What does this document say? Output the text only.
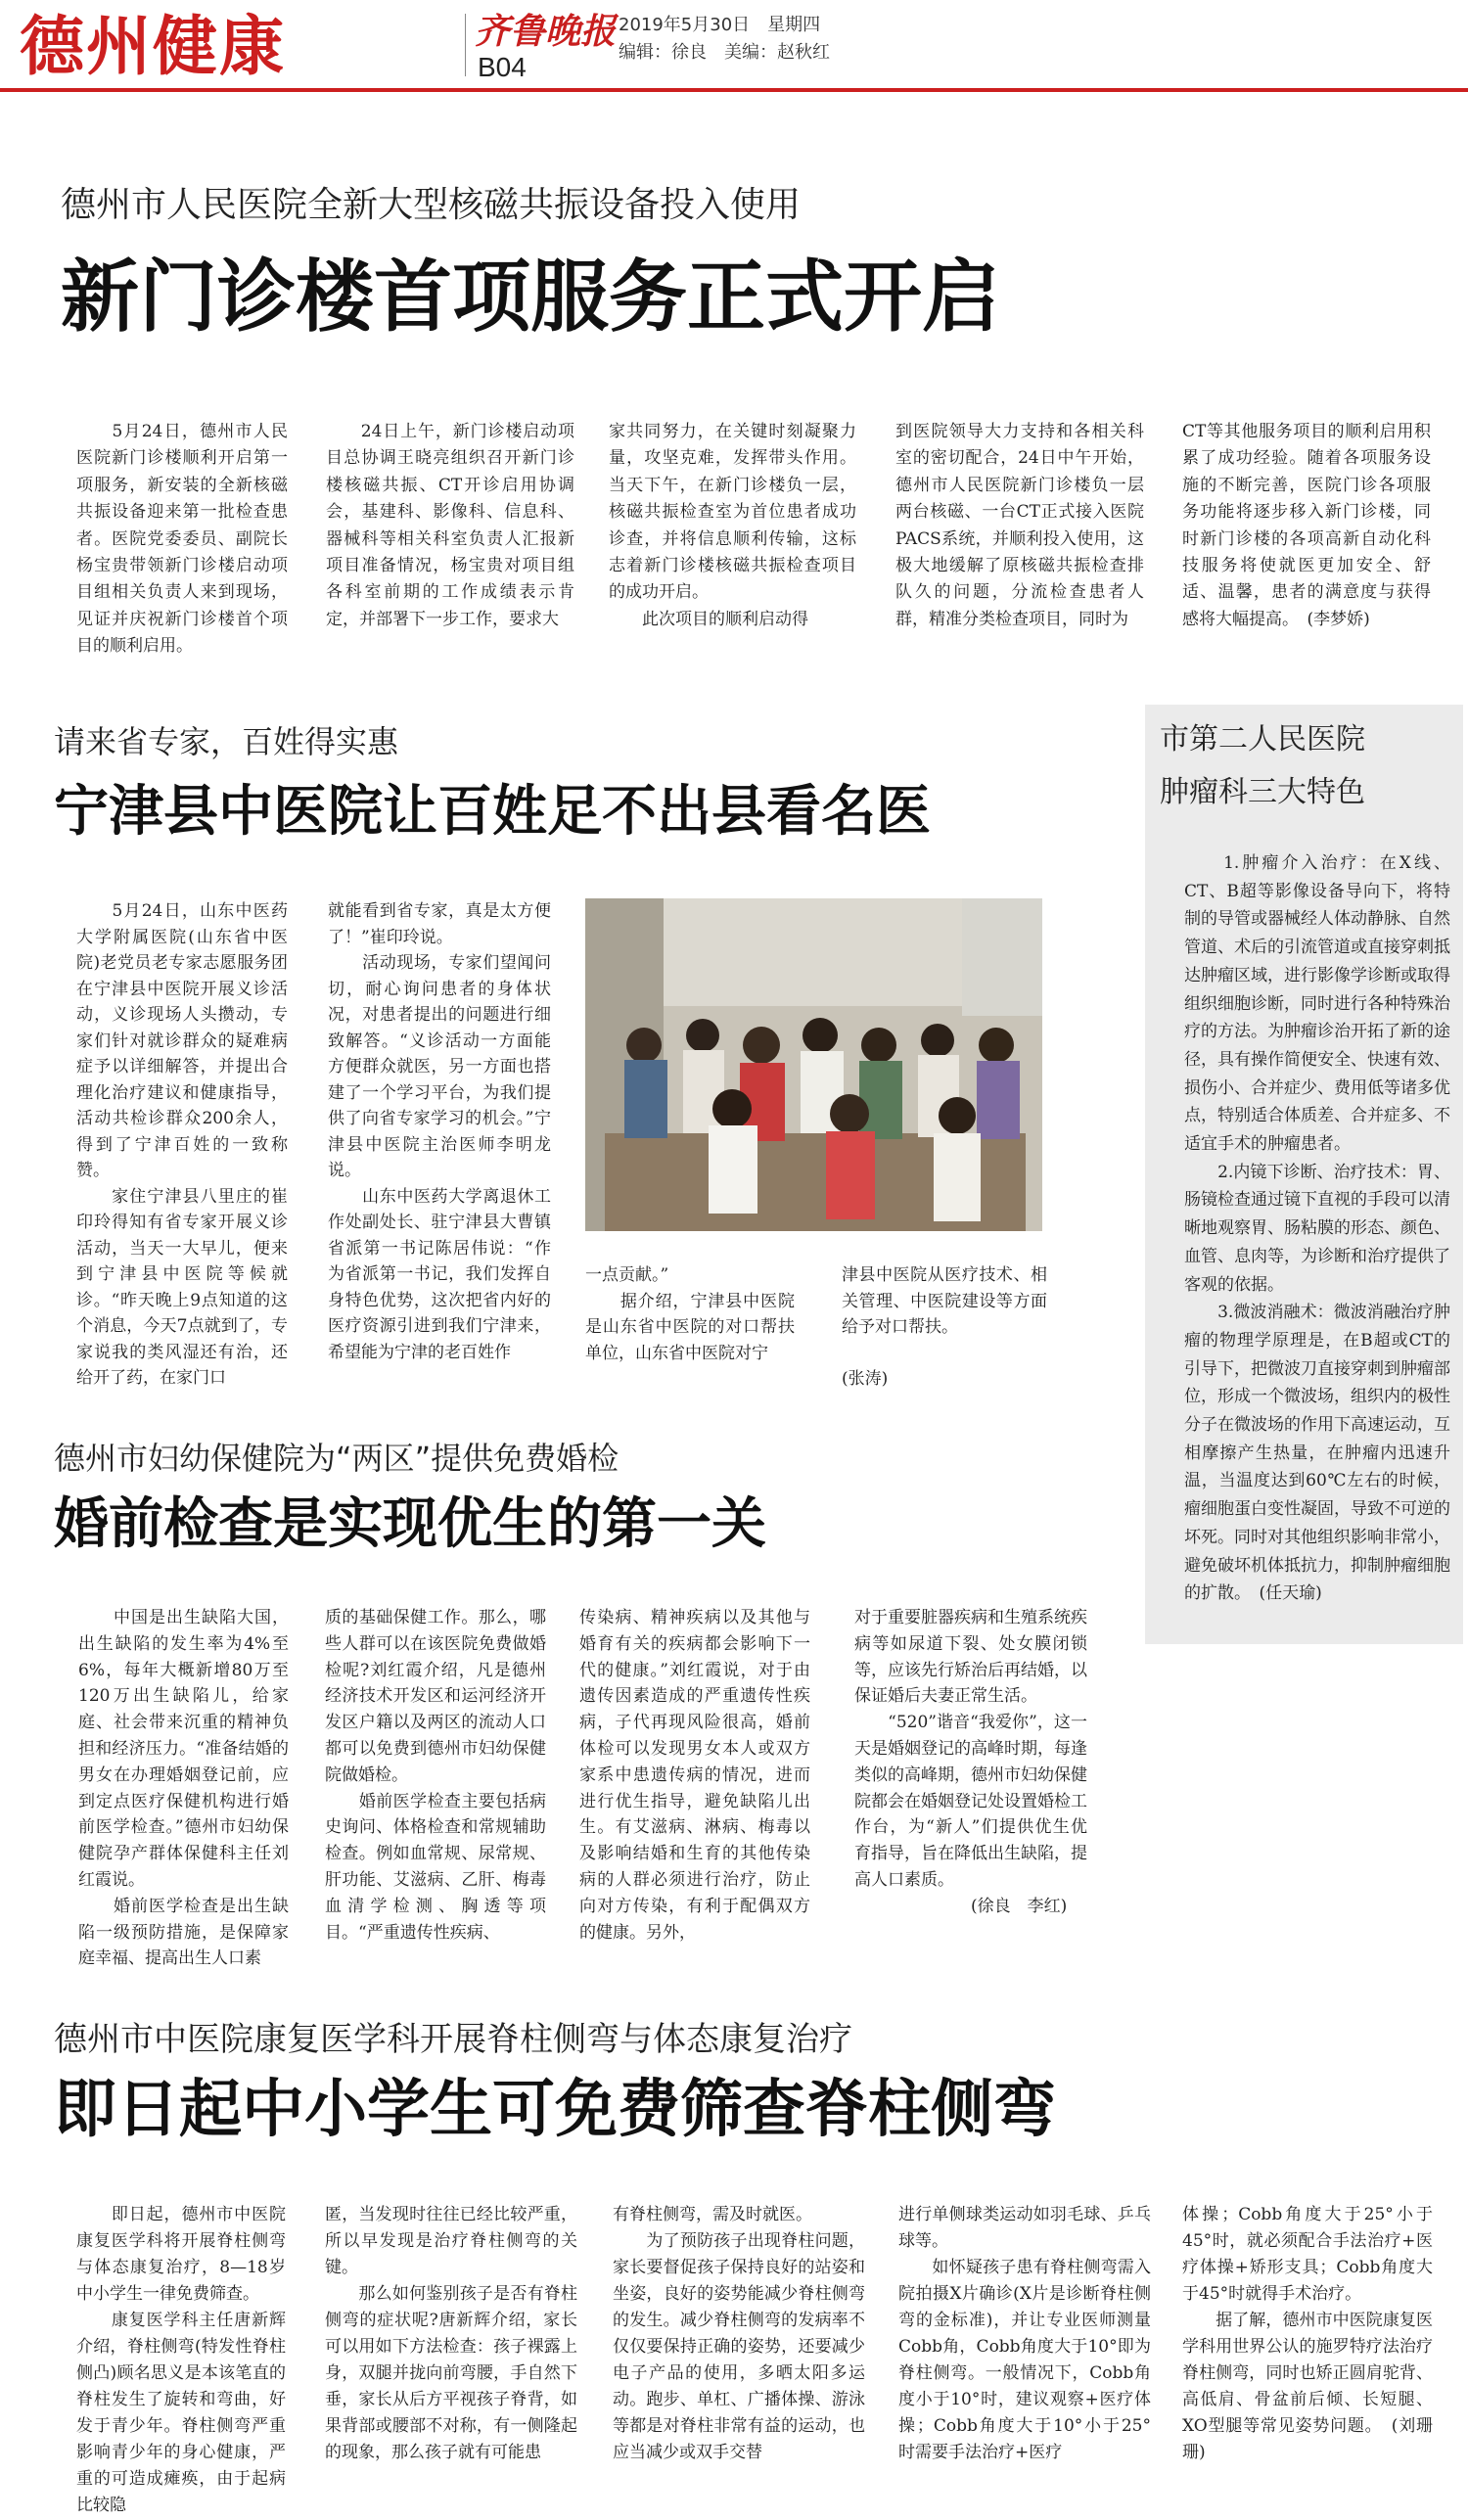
德州健康	齐鲁晚报
B04
2019年5月30日　星期四
编辑：徐良　美编：赵秋红
德州市人民医院全新大型核磁共振设备投入使用
新门诊楼首项服务正式开启
　　5月24日，德州市人民医院新门诊楼顺利开启第一项服务，新安装的全新核磁共振设备迎来第一批检查患者。医院党委委员、副院长杨宝贵带领新门诊楼启动项目组相关负责人来到现场，见证并庆祝新门诊楼首个项目的顺利启用。
　　24日上午，新门诊楼启动项目总协调王晓亮组织召开新门诊楼核磁共振、CT开诊启用协调会，基建科、影像科、信息科、器械科等相关科室负责人汇报新项目准备情况，杨宝贵对项目组各科室前期的工作成绩表示肯定，并部署下一步工作，要求大
家共同努力，在关键时刻凝聚力量，攻坚克难，发挥带头作用。当天下午，在新门诊楼负一层，核磁共振检查室为首位患者成功诊查，并将信息顺利传输，这标志着新门诊楼核磁共振检查项目的成功开启。
　　此次项目的顺利启动得
到医院领导大力支持和各相关科室的密切配合，24日中午开始，德州市人民医院新门诊楼负一层两台核磁、一台CT正式接入医院PACS系统，并顺利投入使用，这极大地缓解了原核磁共振检查排队久的问题，分流检查患者人群，精准分类检查项目，同时为
CT等其他服务项目的顺利启用积累了成功经验。随着各项服务设施的不断完善，医院门诊各项服务功能将逐步移入新门诊楼，同时新门诊楼的各项高新自动化科技服务将使就医更加安全、舒适、温馨，患者的满意度与获得感将大幅提高。　(李梦娇)
请来省专家，百姓得实惠
宁津县中医院让百姓足不出县看名医
　　5月24日，山东中医药大学附属医院(山东省中医院)老党员老专家志愿服务团在宁津县中医院开展义诊活动，义诊现场人头攒动，专家们针对就诊群众的疑难病症予以详细解答，并提出合理化治疗建议和健康指导，活动共检诊群众200余人，得到了宁津百姓的一致称赞。
　　家住宁津县八里庄的崔印玲得知有省专家开展义诊活动，当天一大早儿，便来到宁津县中医院等候就诊。“昨天晚上9点知道的这个消息，今天7点就到了，专家说我的类风湿还有治，还给开了药，在家门口
就能看到省专家，真是太方便了！”崔印玲说。
　　活动现场，专家们望闻问切，耐心询问患者的身体状况，对患者提出的问题进行细致解答。“义诊活动一方面能方便群众就医，另一方面也搭建了一个学习平台，为我们提供了向省专家学习的机会。”宁津县中医院主治医师李明龙说。
　　山东中医药大学离退休工作处副处长、驻宁津县大曹镇省派第一书记陈居伟说：“作为省派第一书记，我们发挥自身特色优势，这次把省内好的医疗资源引进到我们宁津来，希望能为宁津的老百姓作
一点贡献。”
　　据介绍，宁津县中医院是山东省中医院的对口帮扶单位，山东省中医院对宁
津县中医院从医疗技术、相关管理、中医院建设等方面给予对口帮扶。
　　　　　　　　　　　　(张涛)
市第二人民医院
肿瘤科三大特色
　　1.肿瘤介入治疗：在X线、CT、B超等影像设备导向下，将特制的导管或器械经人体动静脉、自然管道、术后的引流管道或直接穿刺抵达肿瘤区域，进行影像学诊断或取得组织细胞诊断，同时进行各种特殊治疗的方法。为肿瘤诊治开拓了新的途径，具有操作简便安全、快速有效、损伤小、合并症少、费用低等诸多优点，特别适合体质差、合并症多、不适宜手术的肿瘤患者。
　　2.内镜下诊断、治疗技术：胃、肠镜检查通过镜下直视的手段可以清晰地观察胃、肠粘膜的形态、颜色、血管、息肉等，为诊断和治疗提供了客观的依据。
　　3.微波消融术：微波消融治疗肿瘤的物理学原理是，在B超或CT的引导下，把微波刀直接穿刺到肿瘤部位，形成一个微波场，组织内的极性分子在微波场的作用下高速运动，互相摩擦产生热量，在肿瘤内迅速升温，当温度达到60℃左右的时候，瘤细胞蛋白变性凝固，导致不可逆的坏死。同时对其他组织影响非常小，避免破坏机体抵抗力，抑制肿瘤细胞的扩散。　(任天瑜)
德州市妇幼保健院为“两区”提供免费婚检
婚前检查是实现优生的第一关
　　中国是出生缺陷大国，出生缺陷的发生率为4%至6%，每年大概新增80万至120万出生缺陷儿，给家庭、社会带来沉重的精神负担和经济压力。“准备结婚的男女在办理婚姻登记前，应到定点医疗保健机构进行婚前医学检查。”德州市妇幼保健院孕产群体保健科主任刘红霞说。
　　婚前医学检查是出生缺陷一级预防措施，是保障家庭幸福、提高出生人口素
质的基础保健工作。那么，哪些人群可以在该医院免费做婚检呢?刘红霞介绍，凡是德州经济技术开发区和运河经济开发区户籍以及两区的流动人口都可以免费到德州市妇幼保健院做婚检。
　　婚前医学检查主要包括病史询问、体格检查和常规辅助检查。例如血常规、尿常规、肝功能、艾滋病、乙肝、梅毒血清学检测、胸透等项目。“严重遗传性疾病、
传染病、精神疾病以及其他与婚育有关的疾病都会影响下一代的健康。”刘红霞说，对于由遗传因素造成的严重遗传性疾病，子代再现风险很高，婚前体检可以发现男女本人或双方家系中患遗传病的情况，进而进行优生指导，避免缺陷儿出生。有艾滋病、淋病、梅毒以及影响结婚和生育的其他传染病的人群必须进行治疗，防止向对方传染，有利于配偶双方的健康。另外，
对于重要脏器疾病和生殖系统疾病等如尿道下裂、处女膜闭锁等，应该先行矫治后再结婚，以保证婚后夫妻正常生活。
　　“520”谐音“我爱你”，这一天是婚姻登记的高峰时期，每逢类似的高峰期，德州市妇幼保健院都会在婚姻登记处设置婚检工作台，为“新人”们提供优生优育指导，旨在降低出生缺陷，提高人口素质。
　　　　　　　(徐良　李红)
德州市中医院康复医学科开展脊柱侧弯与体态康复治疗
即日起中小学生可免费筛查脊柱侧弯
　　即日起，德州市中医院康复医学科将开展脊柱侧弯与体态康复治疗，8—18岁中小学生一律免费筛查。
　　康复医学科主任唐新辉介绍，脊柱侧弯(特发性脊柱侧凸)顾名思义是本该笔直的脊柱发生了旋转和弯曲，好发于青少年。脊柱侧弯严重影响青少年的身心健康，严重的可造成瘫痪，由于起病比较隐
匿，当发现时往往已经比较严重，所以早发现是治疗脊柱侧弯的关键。
　　那么如何鉴别孩子是否有脊柱侧弯的症状呢?唐新辉介绍，家长可以用如下方法检查：孩子裸露上身，双腿并拢向前弯腰，手自然下垂，家长从后方平视孩子脊背，如果背部或腰部不对称，有一侧隆起的现象，那么孩子就有可能患
有脊柱侧弯，需及时就医。
　　为了预防孩子出现脊柱问题，家长要督促孩子保持良好的站姿和坐姿，良好的姿势能减少脊柱侧弯的发生。减少脊柱侧弯的发病率不仅仅要保持正确的姿势，还要减少电子产品的使用，多晒太阳多运动。跑步、单杠、广播体操、游泳等都是对脊柱非常有益的运动，也应当减少或双手交替
进行单侧球类运动如羽毛球、乒乓球等。
　　如怀疑孩子患有脊柱侧弯需入院拍摄X片确诊(X片是诊断脊柱侧弯的金标准)，并让专业医师测量Cobb角，Cobb角度大于10°即为脊柱侧弯。一般情况下，Cobb角度小于10°时，建议观察+医疗体操；Cobb角度大于10°小于25°时需要手法治疗+医疗
体操；Cobb角度大于25°小于45°时，就必须配合手法治疗+医疗体操+矫形支具；Cobb角度大于45°时就得手术治疗。
　　据了解，德州市中医院康复医学科用世界公认的施罗特疗法治疗脊柱侧弯，同时也矫正圆肩驼背、高低肩、骨盆前后倾、长短腿、XO型腿等常见姿势问题。　(刘珊珊)
